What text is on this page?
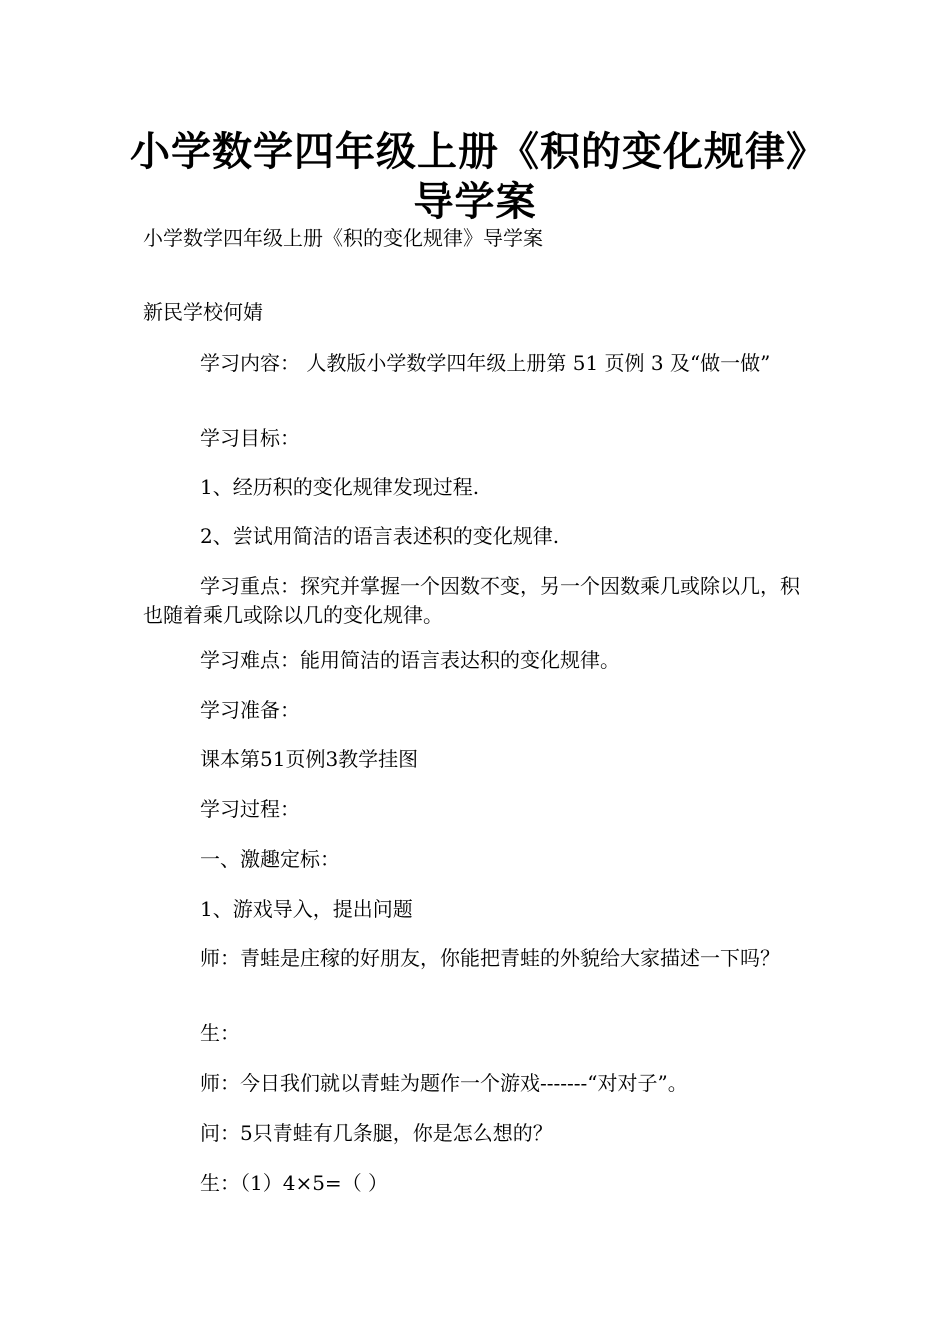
小学数学四年级上册《积的变化规律》
导学案
小学数学四年级上册《积的变化规律》导学案
新民学校何婧
学习内容： 人教版小学数学四年级上册第 51 页例 3 及“做一做”
学习目标：
1、经历积的变化规律发现过程.
2、尝试用简洁的语言表述积的变化规律.
学习重点：探究并掌握一个因数不变，另一个因数乘几或除以几，积也随着乘几或除以几的变化规律。
学习难点：能用简洁的语言表达积的变化规律。
学习准备：
课本第51页例3教学挂图
学习过程：
一、激趣定标：
1、游戏导入，提出问题
师：青蛙是庄稼的好朋友，你能把青蛙的外貌给大家描述一下吗？
生：
师：今日我们就以青蛙为题作一个游戏-------“对对子”。
问：5只青蛙有几条腿，你是怎么想的？
生：（1）4×5=（ ）
